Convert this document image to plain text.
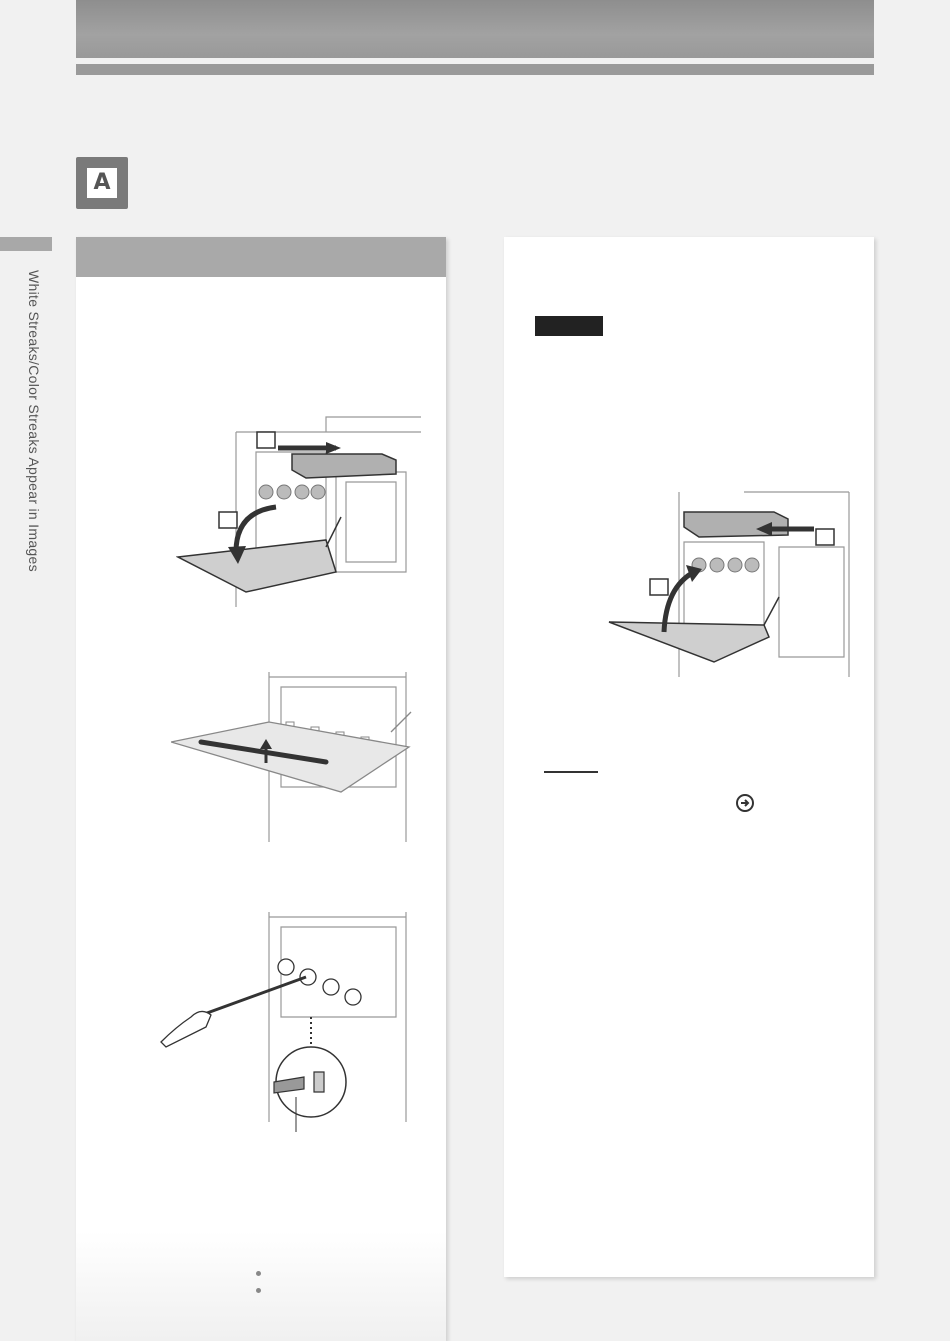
White Streaks/Color Streaks Appear in Images
A
